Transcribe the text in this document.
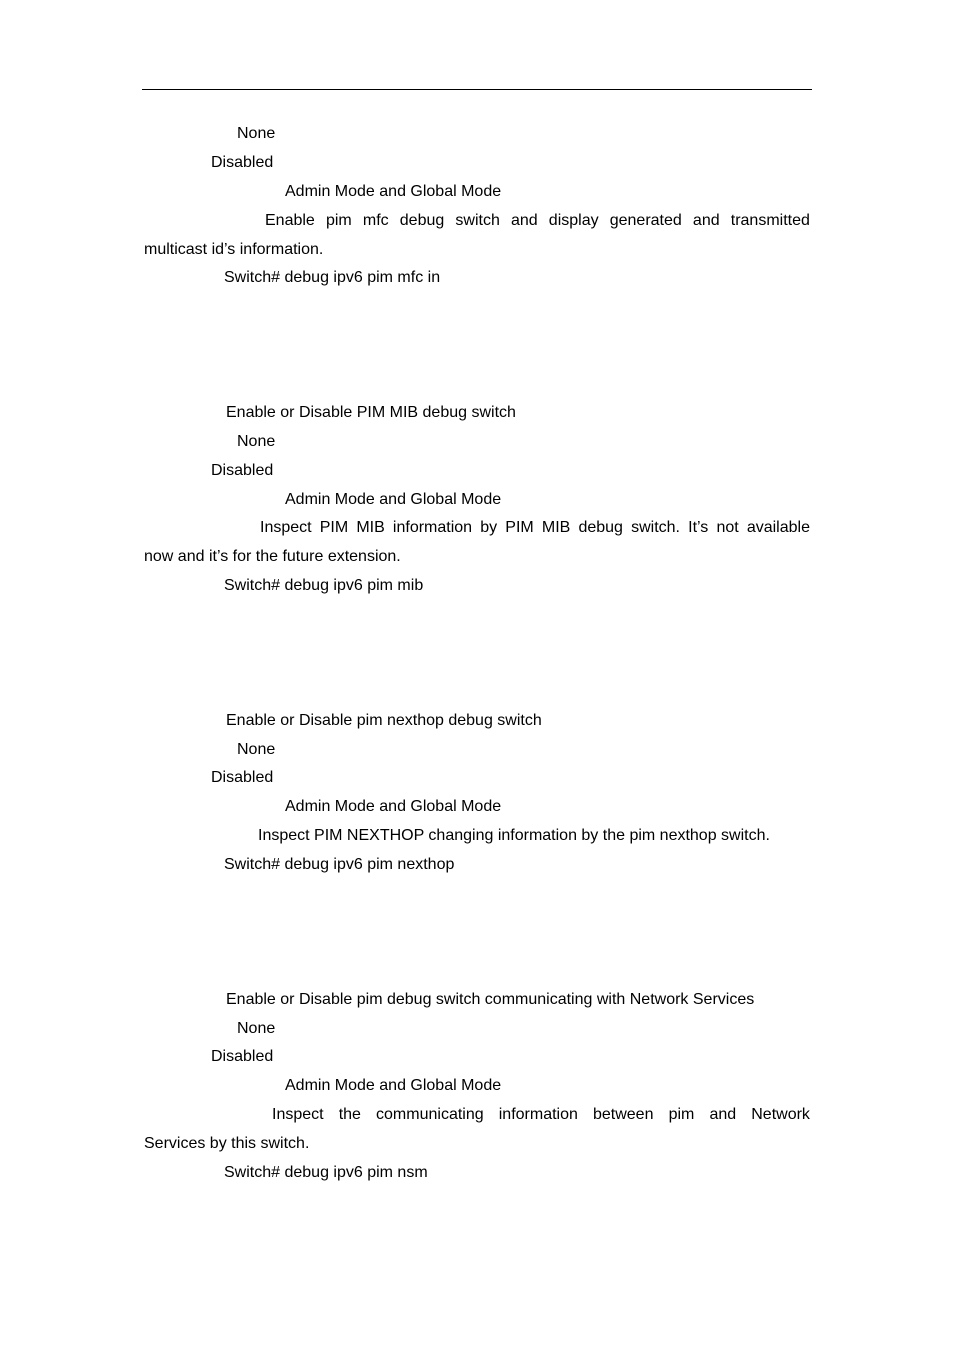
None
Disabled
Admin Mode and Global Mode
Enable pim mfc debug switch and display generated and transmitted
multicast id’s information.
Switch# debug ipv6 pim mfc in
Enable or Disable PIM MIB debug switch
None
Disabled
Admin Mode and Global Mode
Inspect PIM MIB information by PIM MIB debug switch. It’s not available
now and it’s for the future extension.
Switch# debug ipv6 pim mib
Enable or Disable pim nexthop debug switch
None
Disabled
Admin Mode and Global Mode
Inspect PIM NEXTHOP changing information by the pim nexthop switch.
Switch# debug ipv6 pim nexthop
Enable or Disable pim debug switch communicating with Network Services
None
Disabled
Admin Mode and Global Mode
Inspect the communicating information between pim and Network
Services by this switch.
Switch# debug ipv6 pim nsm
